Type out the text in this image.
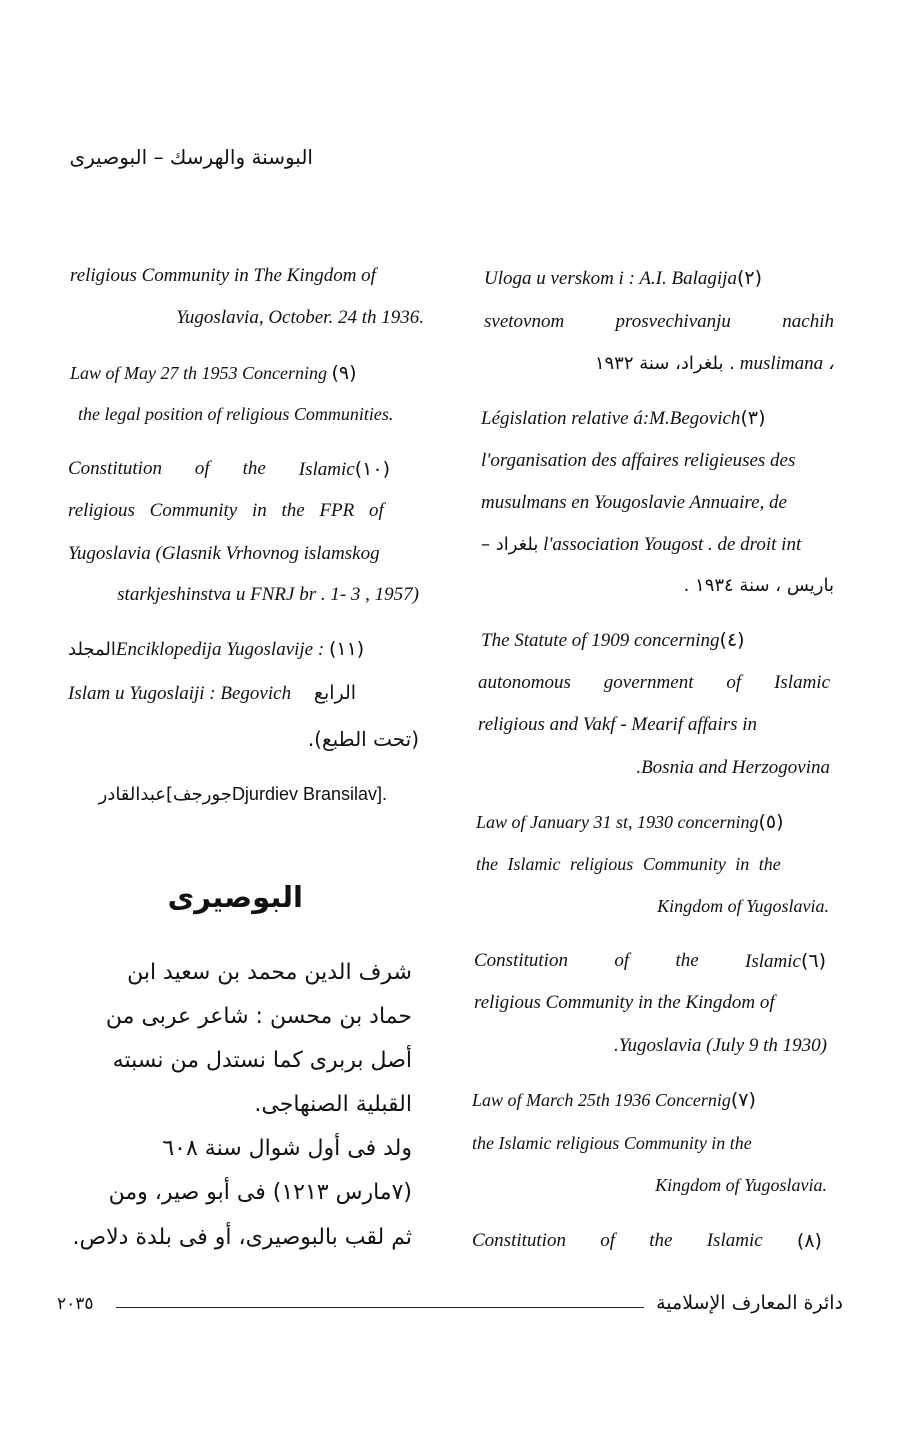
البوسنة والهرسك – البوصيرى
Uloga u verskom i : A.I. Balagija(٢)
svetovnom	prosvechivanju	nachih
بلغراد، سنة ١٩٣٢ . muslimana ،
Législation relative á:M.Begovich(٣)
l'organisation des affaires religieuses des
musulmans en Yougoslavie Annuaire, de
– بلغراد l'association Yougost . de droit int
باريس ، سنة ١٩٣٤ .
The Statute of 1909 concerning(٤)
autonomous government of Islamic
religious and Vakf - Mearif affairs in
.Bosnia and Herzogovina
Law of January 31 st, 1930 concerning(٥)
the Islamic religious Community in the
Kingdom of Yugoslavia.
Constitution of the Islamic(٦)
religious Community in the Kingdom of
.Yugoslavia (July 9 th 1930)
Law of March 25th 1936 Concernig(٧)
the Islamic religious Community in the
Kingdom of Yugoslavia.
Constitution of the Islamic (٨)
religious Community in The Kingdom of
Yugoslavia, October. 24 th 1936.
Law of May 27 th 1953 Concerning (٩)
the legal position of religious Communities.
Constitution of the Islamic(١٠)
religious Community in the FPR of
Yugoslavia (Glasnik Vrhovnog islamskog
starkjeshinstva u FNRJ br . 1- 3 , 1957)
المجلدEnciklopedija Yugoslavije : (١١)
Islam u Yugoslaiji : Begovich الرابع
(تحت الطبع).
عبدالقادر[جورجفDjurdiev Bransilav].
البوصيرى
شرف الدين محمد بن سعيد ابن
حماد بن محسن : شاعر عربى من
أصل بربرى كما نستدل من نسبته
القبلية الصنهاجى.
ولد فى أول شوال سنة ٦٠٨
(٧مارس ١٢١٣) فى أبو صير، ومن
ثم لقب بالبوصيرى، أو فى بلدة دلاص.
دائرة المعارف الإسلامية
٢٠٣٥
